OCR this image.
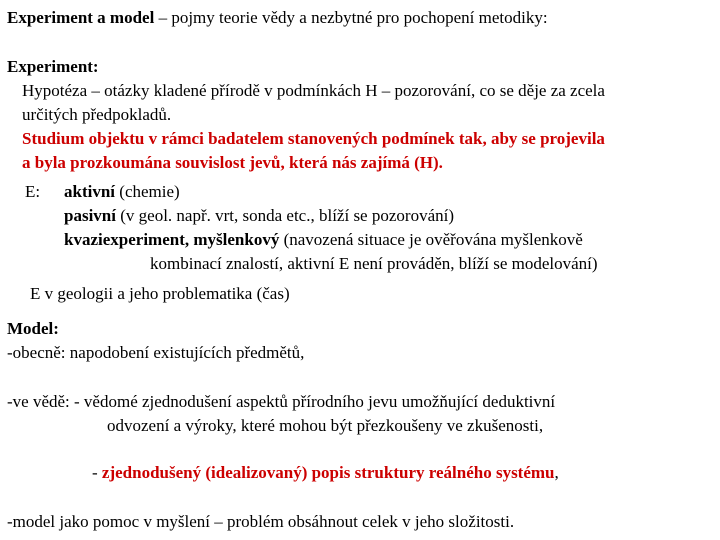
Experiment a model – pojmy teorie vědy a nezbytné pro pochopení metodiky:
Experiment:
Hypotéza – otázky kladené přírodě v podmínkách H – pozorování, co se děje za zcela
určitých předpokladů.
Studium objektu v rámci badatelem stanovených podmínek tak, aby se projevila
a byla prozkoumána souvislost jevů, která nás zajímá (H).
E: aktivní (chemie)
pasivní (v geol. např. vrt, sonda etc., blíží se pozorování)
kvaziexperiment, myšlenkový (navozená situace je ověřována myšlenkově
kombinací znalostí, aktivní E není prováděn, blíží se modelování)
E v geologii a jeho problematika (čas)
Model:
-obecně: napodobení existujících předmětů,
-ve vědě: - vědomé zjednodušení aspektů přírodního jevu umožňující deduktivní
odvození a výroky, které mohou být přezkoušeny ve zkušenosti,
- zjednodušený (idealizovaný) popis struktury reálného systému,
-model jako pomoc v myšlení – problém obsáhnout celek v jeho složitosti.
